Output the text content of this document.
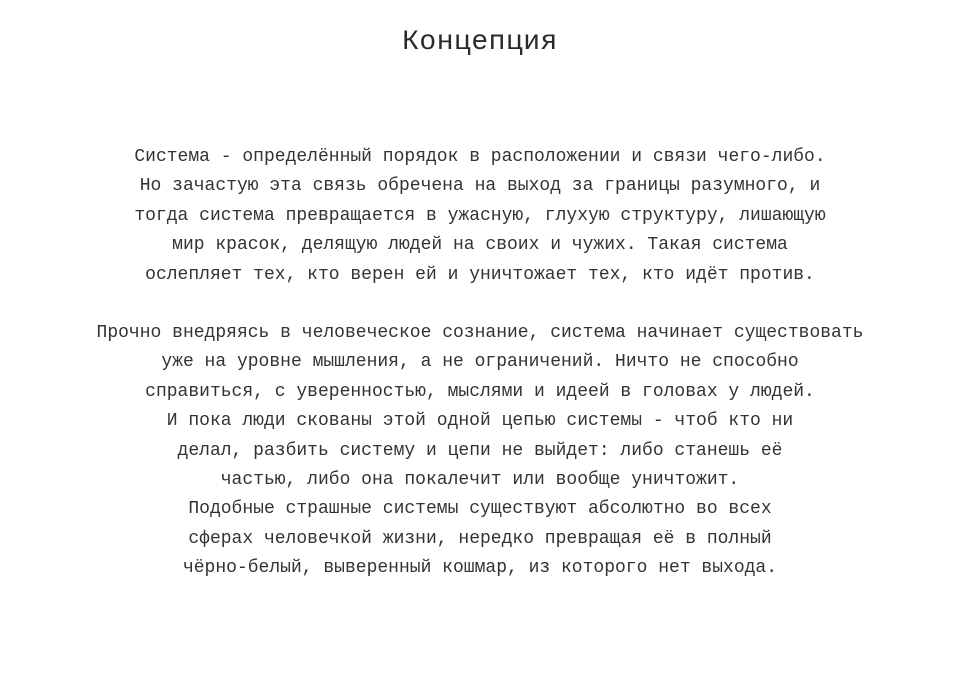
Концепция
Система - определённый порядок в расположении и связи чего-либо.
Но зачастую эта связь обречена на выход за границы разумного, и
тогда система превращается в ужасную, глухую структуру, лишающую
мир красок, делящую людей на своих и чужих. Такая система
ослепляет тех, кто верен ей и уничтожает тех, кто идёт против.
Прочно внедряясь в человеческое сознание, система начинает существовать
уже на уровне мышления, а не ограничений. Ничто не способно
справиться, с уверенностью, мыслями и идеей в головах у людей.
И пока люди скованы этой одной цепью системы - чтоб кто ни
делал, разбить систему и цепи не выйдет: либо станешь её
частью, либо она покалечит или вообще уничтожит.
Подобные страшные системы существуют абсолютно во всех
сферах человечкой жизни, нередко превращая её в полный
чёрно-белый, выверенный кошмар, из которого нет выхода.
